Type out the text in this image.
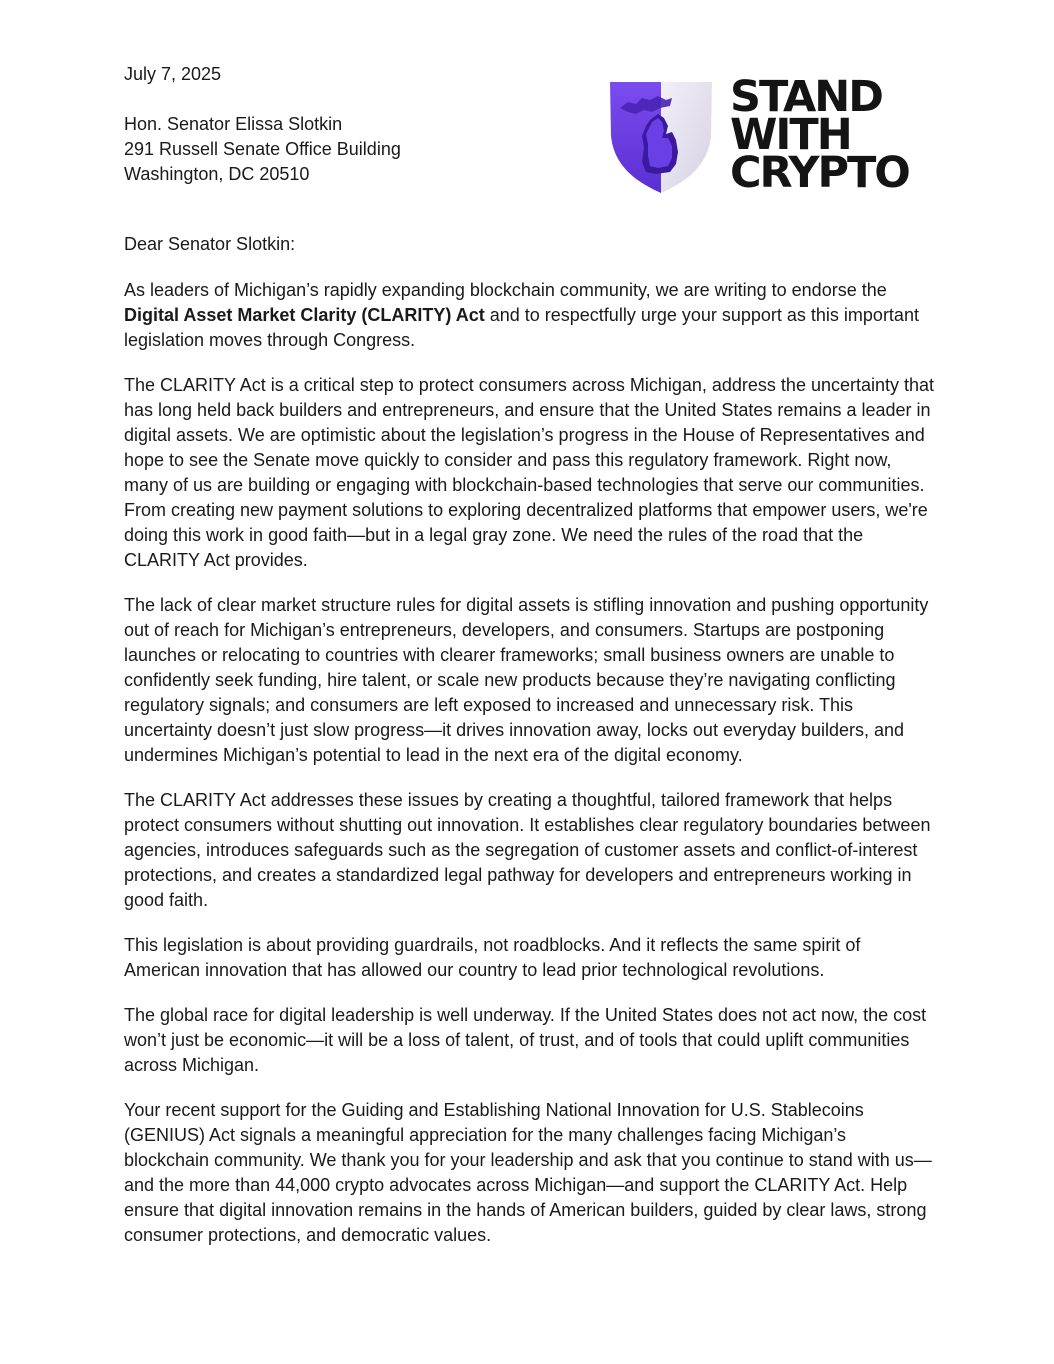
July 7, 2025
Hon. Senator Elissa Slotkin
291 Russell Senate Office Building
Washington, DC 20510
STAND
WITH
CRYPTO
Dear Senator Slotkin:

As leaders of Michigan’s rapidly expanding blockchain community, we are writing to endorse the Digital Asset Market Clarity (CLARITY) Act and to respectfully urge your support as this important legislation moves through Congress.

The CLARITY Act is a critical step to protect consumers across Michigan, address the uncertainty that has long held back builders and entrepreneurs, and ensure that the United States remains a leader in digital assets. We are optimistic about the legislation’s progress in the House of Representatives and hope to see the Senate move quickly to consider and pass this regulatory framework. Right now, many of us are building or engaging with blockchain-based technologies that serve our communities. From creating new payment solutions to exploring decentralized platforms that empower users, we're doing this work in good faith—but in a legal gray zone. We need the rules of the road that the CLARITY Act provides.

The lack of clear market structure rules for digital assets is stifling innovation and pushing opportunity out of reach for Michigan’s entrepreneurs, developers, and consumers. Startups are postponing launches or relocating to countries with clearer frameworks; small business owners are unable to confidently seek funding, hire talent, or scale new products because they’re navigating conflicting regulatory signals; and consumers are left exposed to increased and unnecessary risk. This uncertainty doesn’t just slow progress—it drives innovation away, locks out everyday builders, and undermines Michigan’s potential to lead in the next era of the digital economy.

The CLARITY Act addresses these issues by creating a thoughtful, tailored framework that helps protect consumers without shutting out innovation. It establishes clear regulatory boundaries between agencies, introduces safeguards such as the segregation of customer assets and conflict-of-interest protections, and creates a standardized legal pathway for developers and entrepreneurs working in good faith.

This legislation is about providing guardrails, not roadblocks. And it reflects the same spirit of American innovation that has allowed our country to lead prior technological revolutions.

The global race for digital leadership is well underway. If the United States does not act now, the cost won’t just be economic—it will be a loss of talent, of trust, and of tools that could uplift communities across Michigan.

Your recent support for the Guiding and Establishing National Innovation for U.S. Stablecoins (GENIUS) Act signals a meaningful appreciation for the many challenges facing Michigan’s blockchain community. We thank you for your leadership and ask that you continue to stand with us—and the more than 44,000 crypto advocates across Michigan—and support the CLARITY Act. Help ensure that digital innovation remains in the hands of American builders, guided by clear laws, strong consumer protections, and democratic values.
